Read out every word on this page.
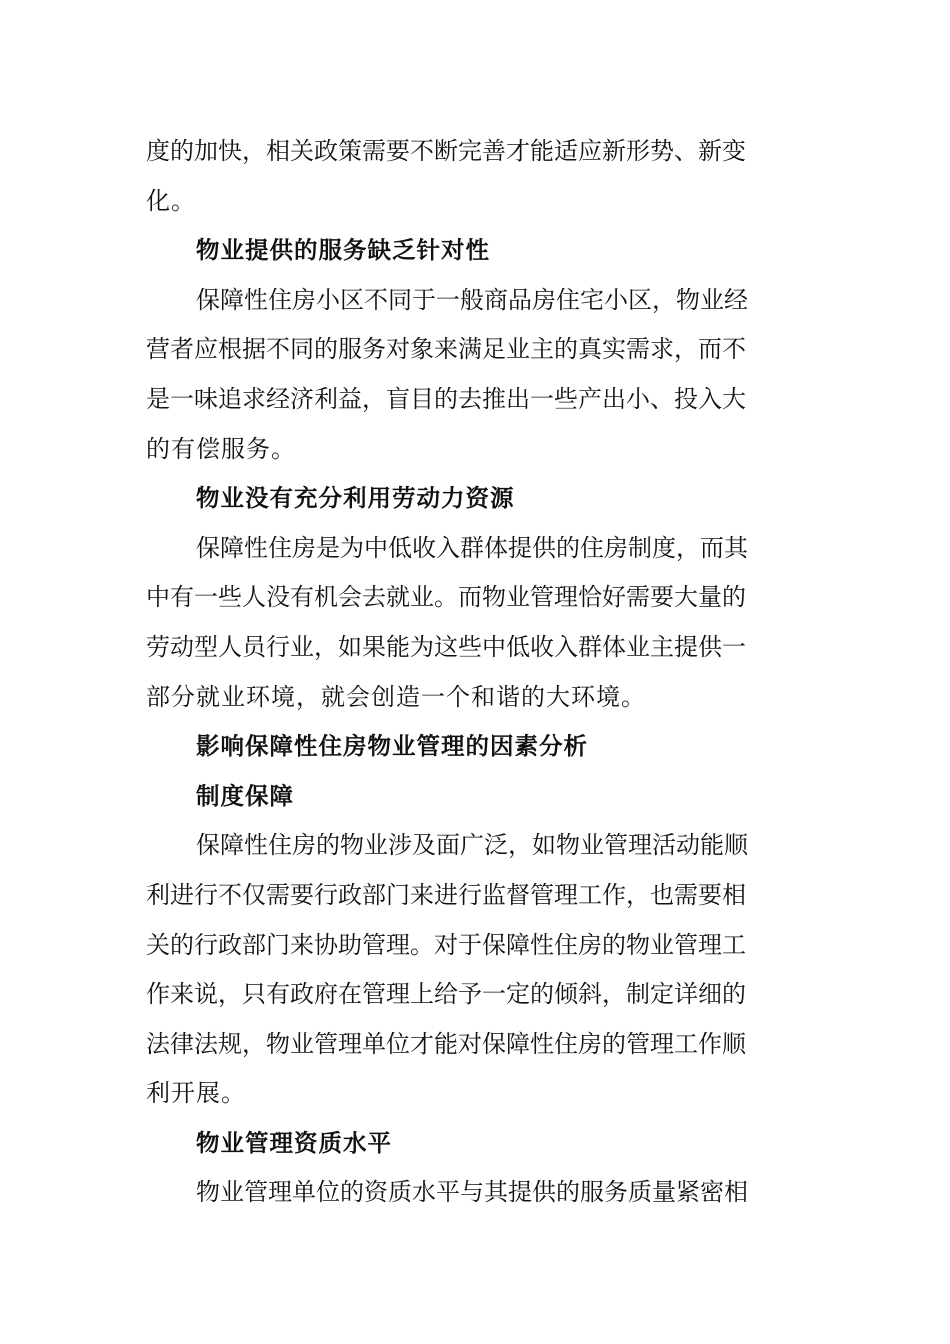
度的加快，相关政策需要不断完善才能适应新形势、新变
化。
物业提供的服务缺乏针对性
保障性住房小区不同于一般商品房住宅小区，物业经
营者应根据不同的服务对象来满足业主的真实需求，而不
是一味追求经济利益，盲目的去推出一些产出小、投入大
的有偿服务。
物业没有充分利用劳动力资源
保障性住房是为中低收入群体提供的住房制度，而其
中有一些人没有机会去就业。而物业管理恰好需要大量的
劳动型人员行业，如果能为这些中低收入群体业主提供一
部分就业环境，就会创造一个和谐的大环境。
影响保障性住房物业管理的因素分析
制度保障
保障性住房的物业涉及面广泛，如物业管理活动能顺
利进行不仅需要行政部门来进行监督管理工作，也需要相
关的行政部门来协助管理。对于保障性住房的物业管理工
作来说，只有政府在管理上给予一定的倾斜，制定详细的
法律法规，物业管理单位才能对保障性住房的管理工作顺
利开展。
物业管理资质水平
物业管理单位的资质水平与其提供的服务质量紧密相
